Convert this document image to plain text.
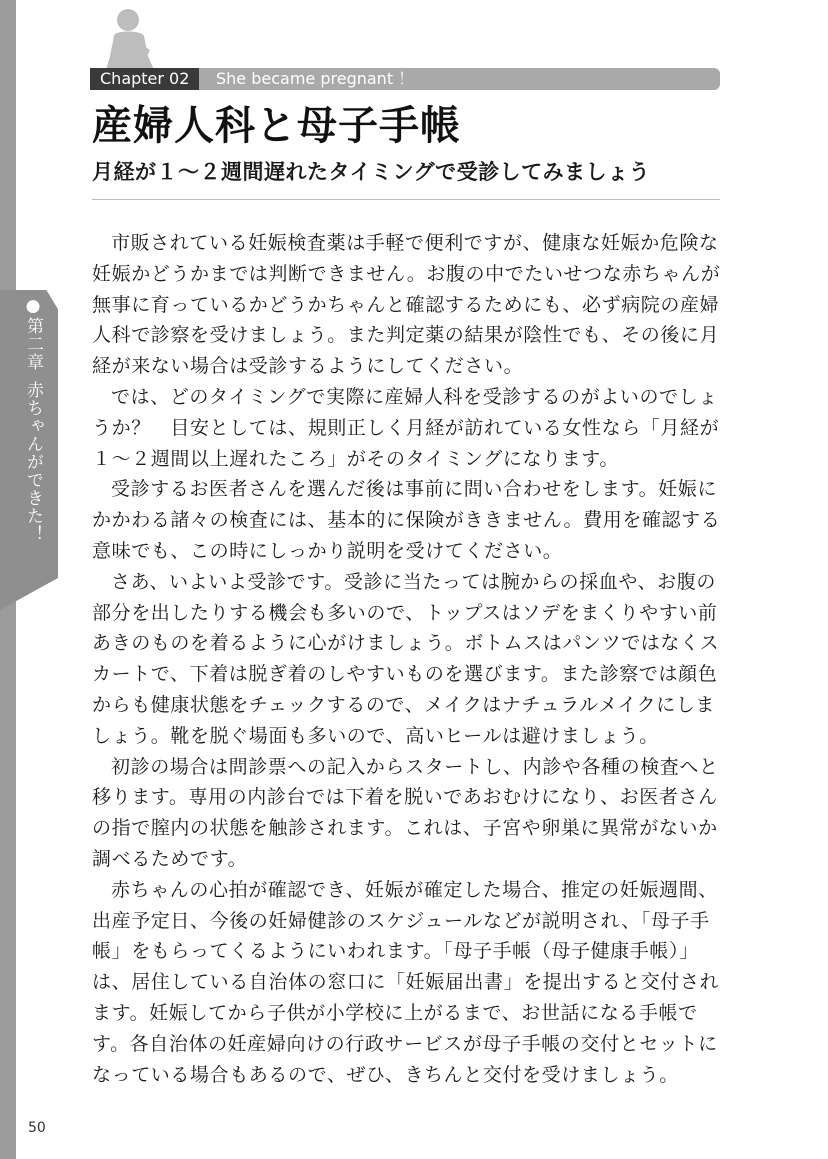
●第二章赤ちゃんができた！
Chapter 02	She became pregnant ！
産婦人科と母子手帳
月経が１～２週間遅れたタイミングで受診してみましょう

市販されている妊娠検査薬は手軽で便利ですが、健康な妊娠か危険な妊娠かどうかまでは判断できません。お腹の中でたいせつな赤ちゃんが無事に育っているかどうかちゃんと確認するためにも、必ず病院の産婦人科で診察を受けましょう。また判定薬の結果が陰性でも、その後に月経が来ない場合は受診するようにしてください。

では、どのタイミングで実際に産婦人科を受診するのがよいのでしょうか？　目安としては、規則正しく月経が訪れている女性なら「月経が１～２週間以上遅れたころ」がそのタイミングになります。

受診するお医者さんを選んだ後は事前に問い合わせをします。妊娠にかかわる諸々の検査には、基本的に保険がききません。費用を確認する意味でも、この時にしっかり説明を受けてください。

さあ、いよいよ受診です。受診に当たっては腕からの採血や、お腹の部分を出したりする機会も多いので、トップスはソデをまくりやすい前あきのものを着るように心がけましょう。ボトムスはパンツではなくスカートで、下着は脱ぎ着のしやすいものを選びます。また診察では顔色からも健康状態をチェックするので、メイクはナチュラルメイクにしましょう。靴を脱ぐ場面も多いので、高いヒールは避けましょう。

初診の場合は問診票への記入からスタートし、内診や各種の検査へと移ります。専用の内診台では下着を脱いであおむけになり、お医者さんの指で膣内の状態を触診されます。これは、子宮や卵巣に異常がないか調べるためです。

赤ちゃんの心拍が確認でき、妊娠が確定した場合、推定の妊娠週間、出産予定日、今後の妊婦健診のスケジュールなどが説明され、「母子手帳」をもらってくるようにいわれます。「母子手帳（母子健康手帳）」は、居住している自治体の窓口に「妊娠届出書」を提出すると交付されます。妊娠してから子供が小学校に上がるまで、お世話になる手帳です。各自治体の妊産婦向けの行政サービスが母子手帳の交付とセットになっている場合もあるので、ぜひ、きちんと交付を受けましょう。

50
